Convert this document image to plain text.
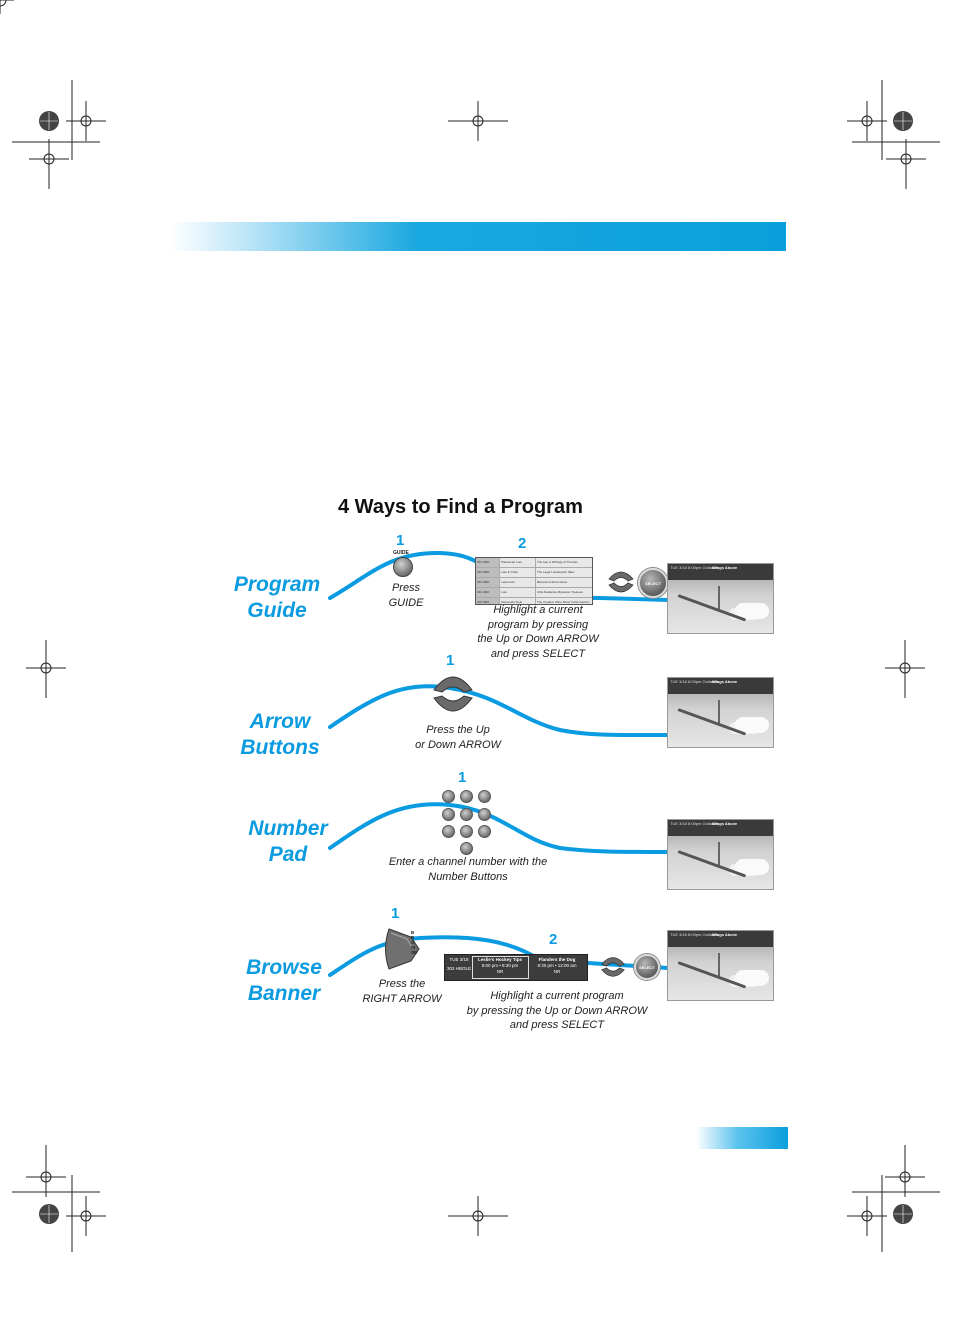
4 Ways to Find a Program
Program
Guide
Arrow
Buttons
Number
Pad
Browse
Banner
1
GUIDE
Press
GUIDE
2
301 HBO	Plainsman Lore	The Ape & Writings of Thomas
302 HBO	Law & Order	The Legal Lumberjack Tales
303 HBO	Lederman	Barcelona Stunt Game
304 HBO	Lots	Ultra Radiance Mysteries Treasure
305 HBO	Diamonds Style	The Creative Wine Show Turtle Garden
Highlight a current
program by pressing
the Up or Down ARROW
and press SELECT
SELECT
1
Press the Up
or Down ARROW
1
Enter a channel number with the
Number Buttons
1
BROWSE
Press the
RIGHT ARROW
2
TUE 3/18
303 HBOLE
Leslie's Hockey Tips
8:00 pm • 8:30 pm
NR
Flanders the Dog
8:30 pm • 12:00 am
NR
SELECT
Highlight a current program
by pressing the Up or Down ARROW
and press SELECT
TUE 3/18 8:00pm Outlands
Wings Above
TUE 3/18 8:00pm Outlands
Wings Above
TUE 3/18 8:00pm Outlands
Wings Above
TUE 3/18 8:00pm Outlands
Wings Above
